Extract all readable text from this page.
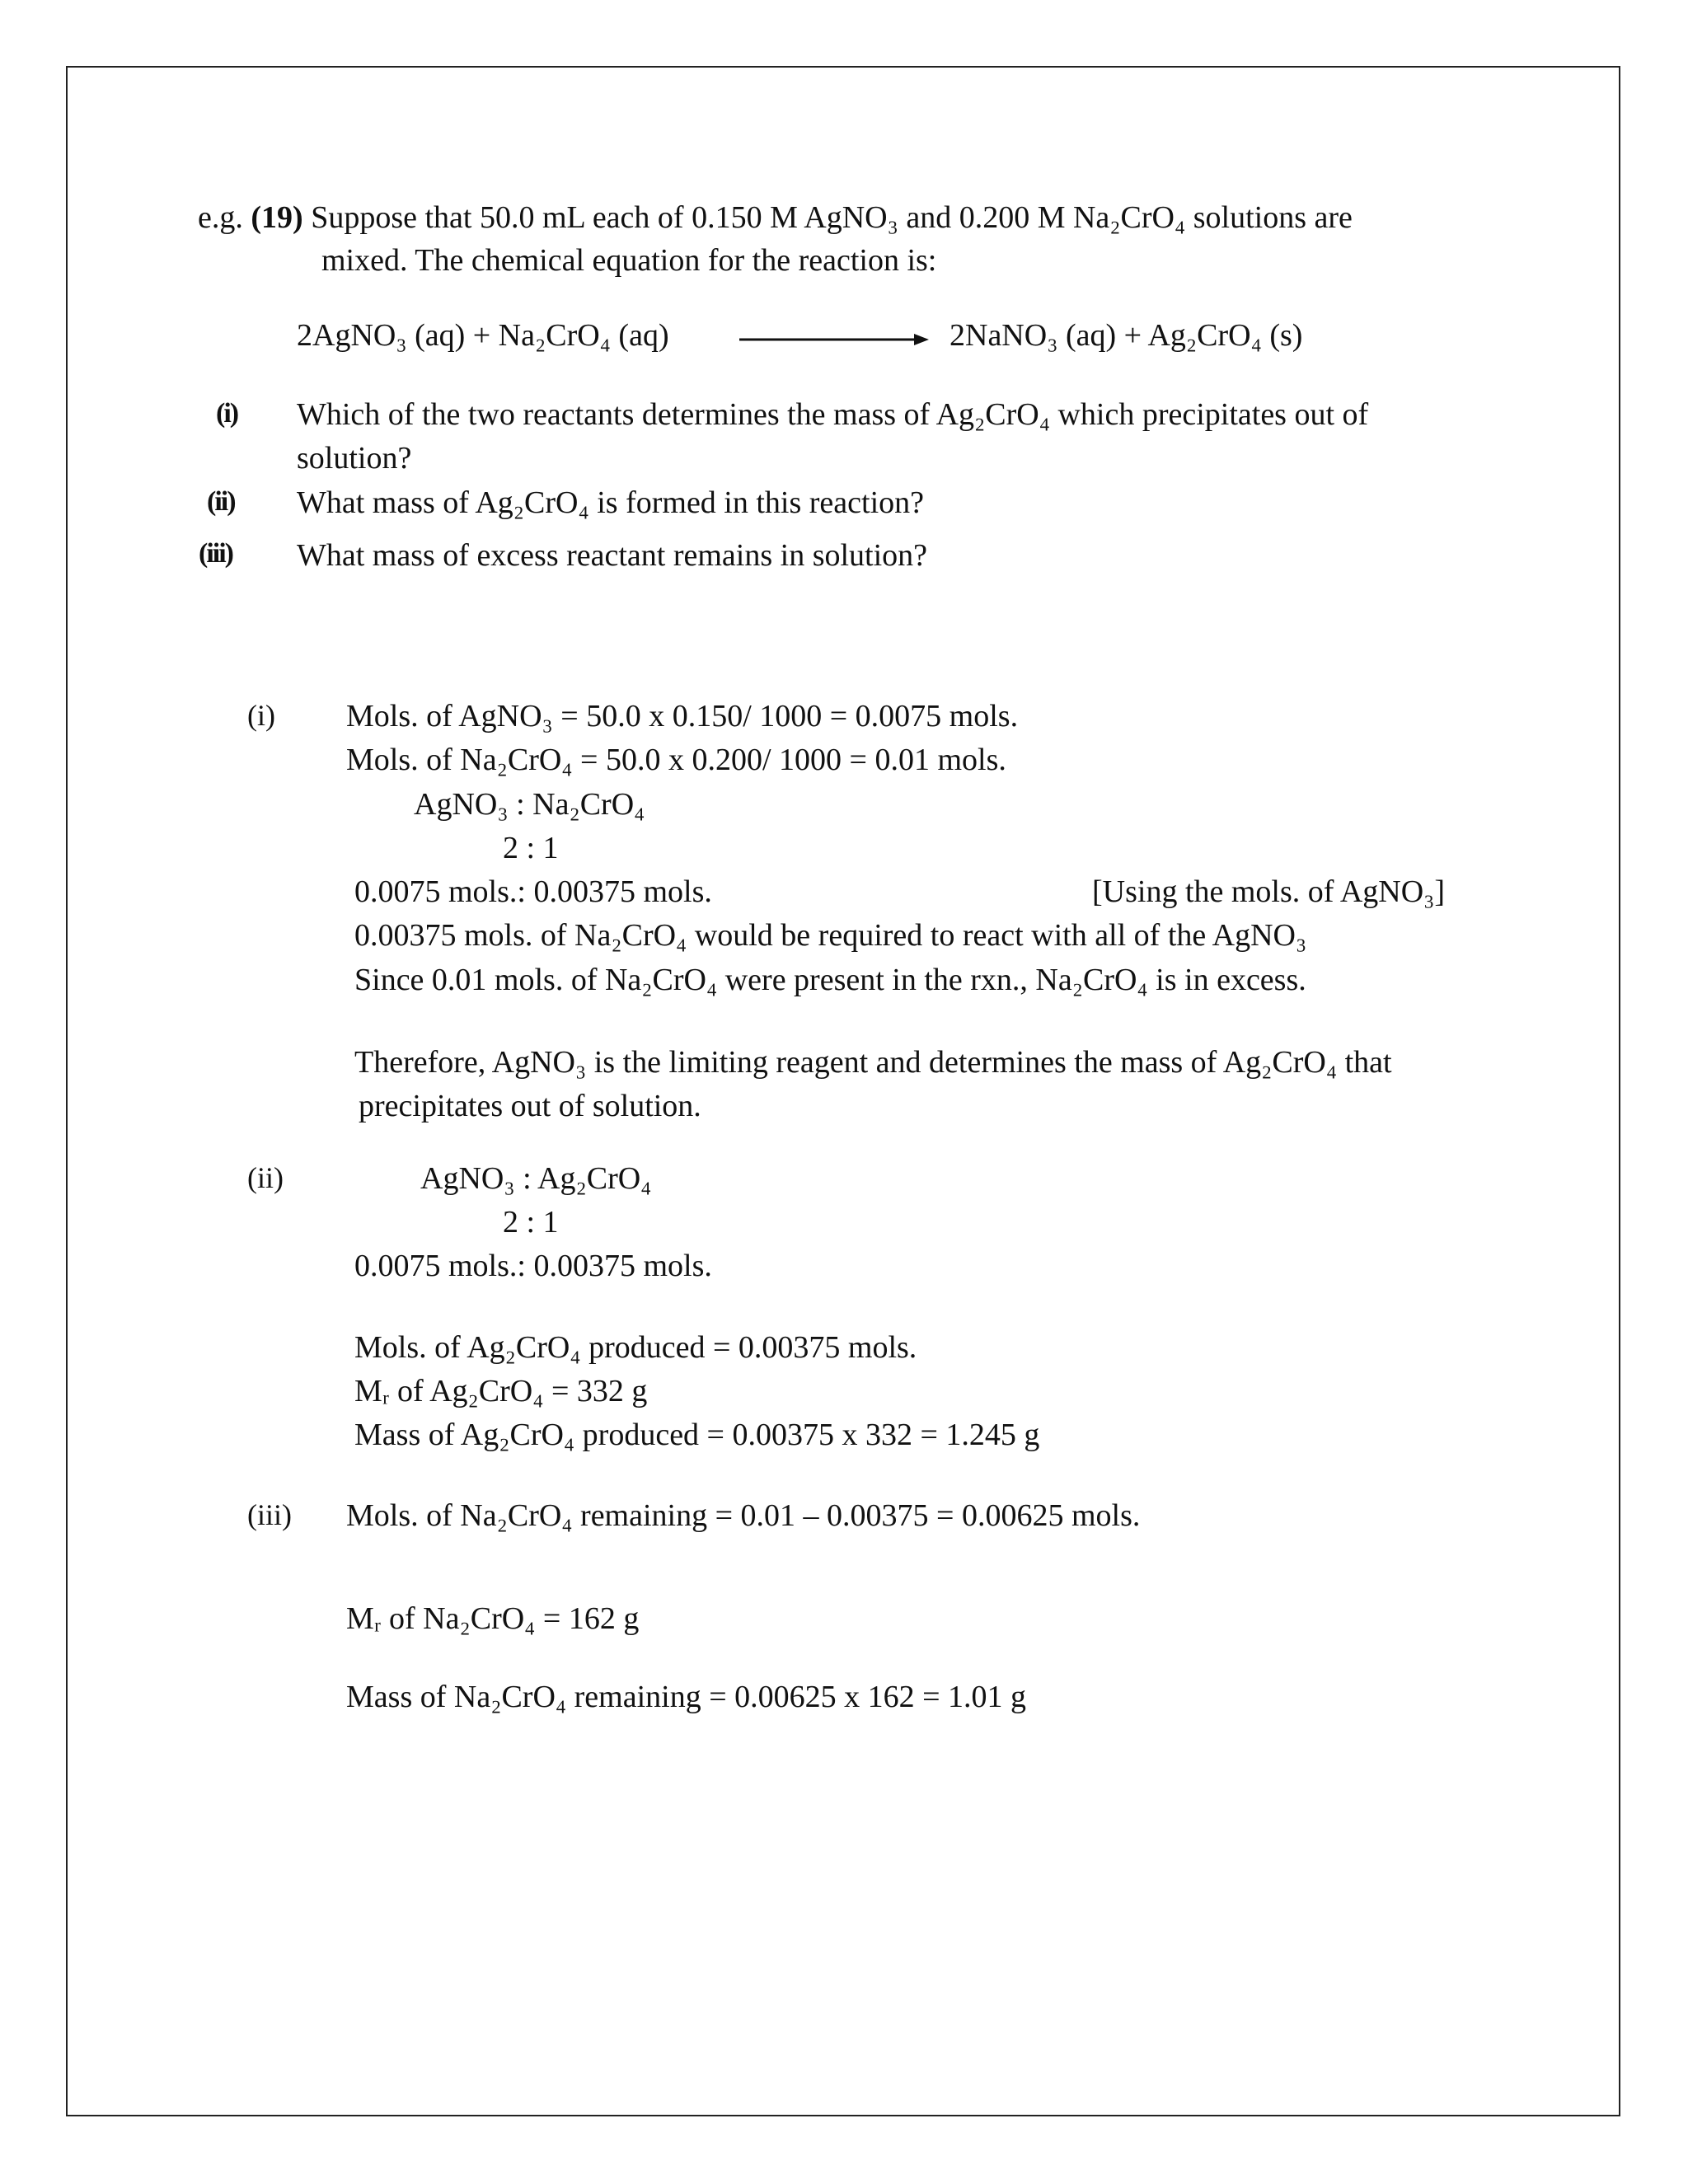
e.g. (19) Suppose that 50.0 mL each of 0.150 M AgNO₃ and 0.200 M Na₂CrO₄ solutions are
mixed. The chemical equation for the reaction is:
2AgNO₃ (aq) + Na₂CrO₄ (aq)	2NaNO₃ (aq) + Ag₂CrO₄ (s)
(i) Which of the two reactants determines the mass of Ag₂CrO₄ which precipitates out of
solution?
(ii) What mass of Ag₂CrO₄ is formed in this reaction?
(iii) What mass of excess reactant remains in solution?
(i) Mols. of AgNO₃ = 50.0 x 0.150/ 1000 = 0.0075 mols.
Mols. of Na₂CrO₄ = 50.0 x 0.200/ 1000 = 0.01 mols.
AgNO₃ : Na₂CrO₄
2 : 1
0.0075 mols.: 0.00375 mols.	[Using the mols. of AgNO₃]
0.00375 mols. of Na₂CrO₄ would be required to react with all of the AgNO₃
Since 0.01 mols. of Na₂CrO₄ were present in the rxn., Na₂CrO₄ is in excess.
Therefore, AgNO₃ is the limiting reagent and determines the mass of Ag₂CrO₄ that
precipitates out of solution.
(ii)	AgNO₃ : Ag₂CrO₄
2 : 1
0.0075 mols.: 0.00375 mols.
Mols. of Ag₂CrO₄ produced = 0.00375 mols.
Mᵣ of Ag₂CrO₄ = 332 g
Mass of Ag₂CrO₄ produced = 0.00375 x 332 = 1.245 g
(iii) Mols. of Na₂CrO₄ remaining = 0.01 – 0.00375 = 0.00625 mols.
Mᵣ of Na₂CrO₄ = 162 g
Mass of Na₂CrO₄ remaining = 0.00625 x 162 = 1.01 g
